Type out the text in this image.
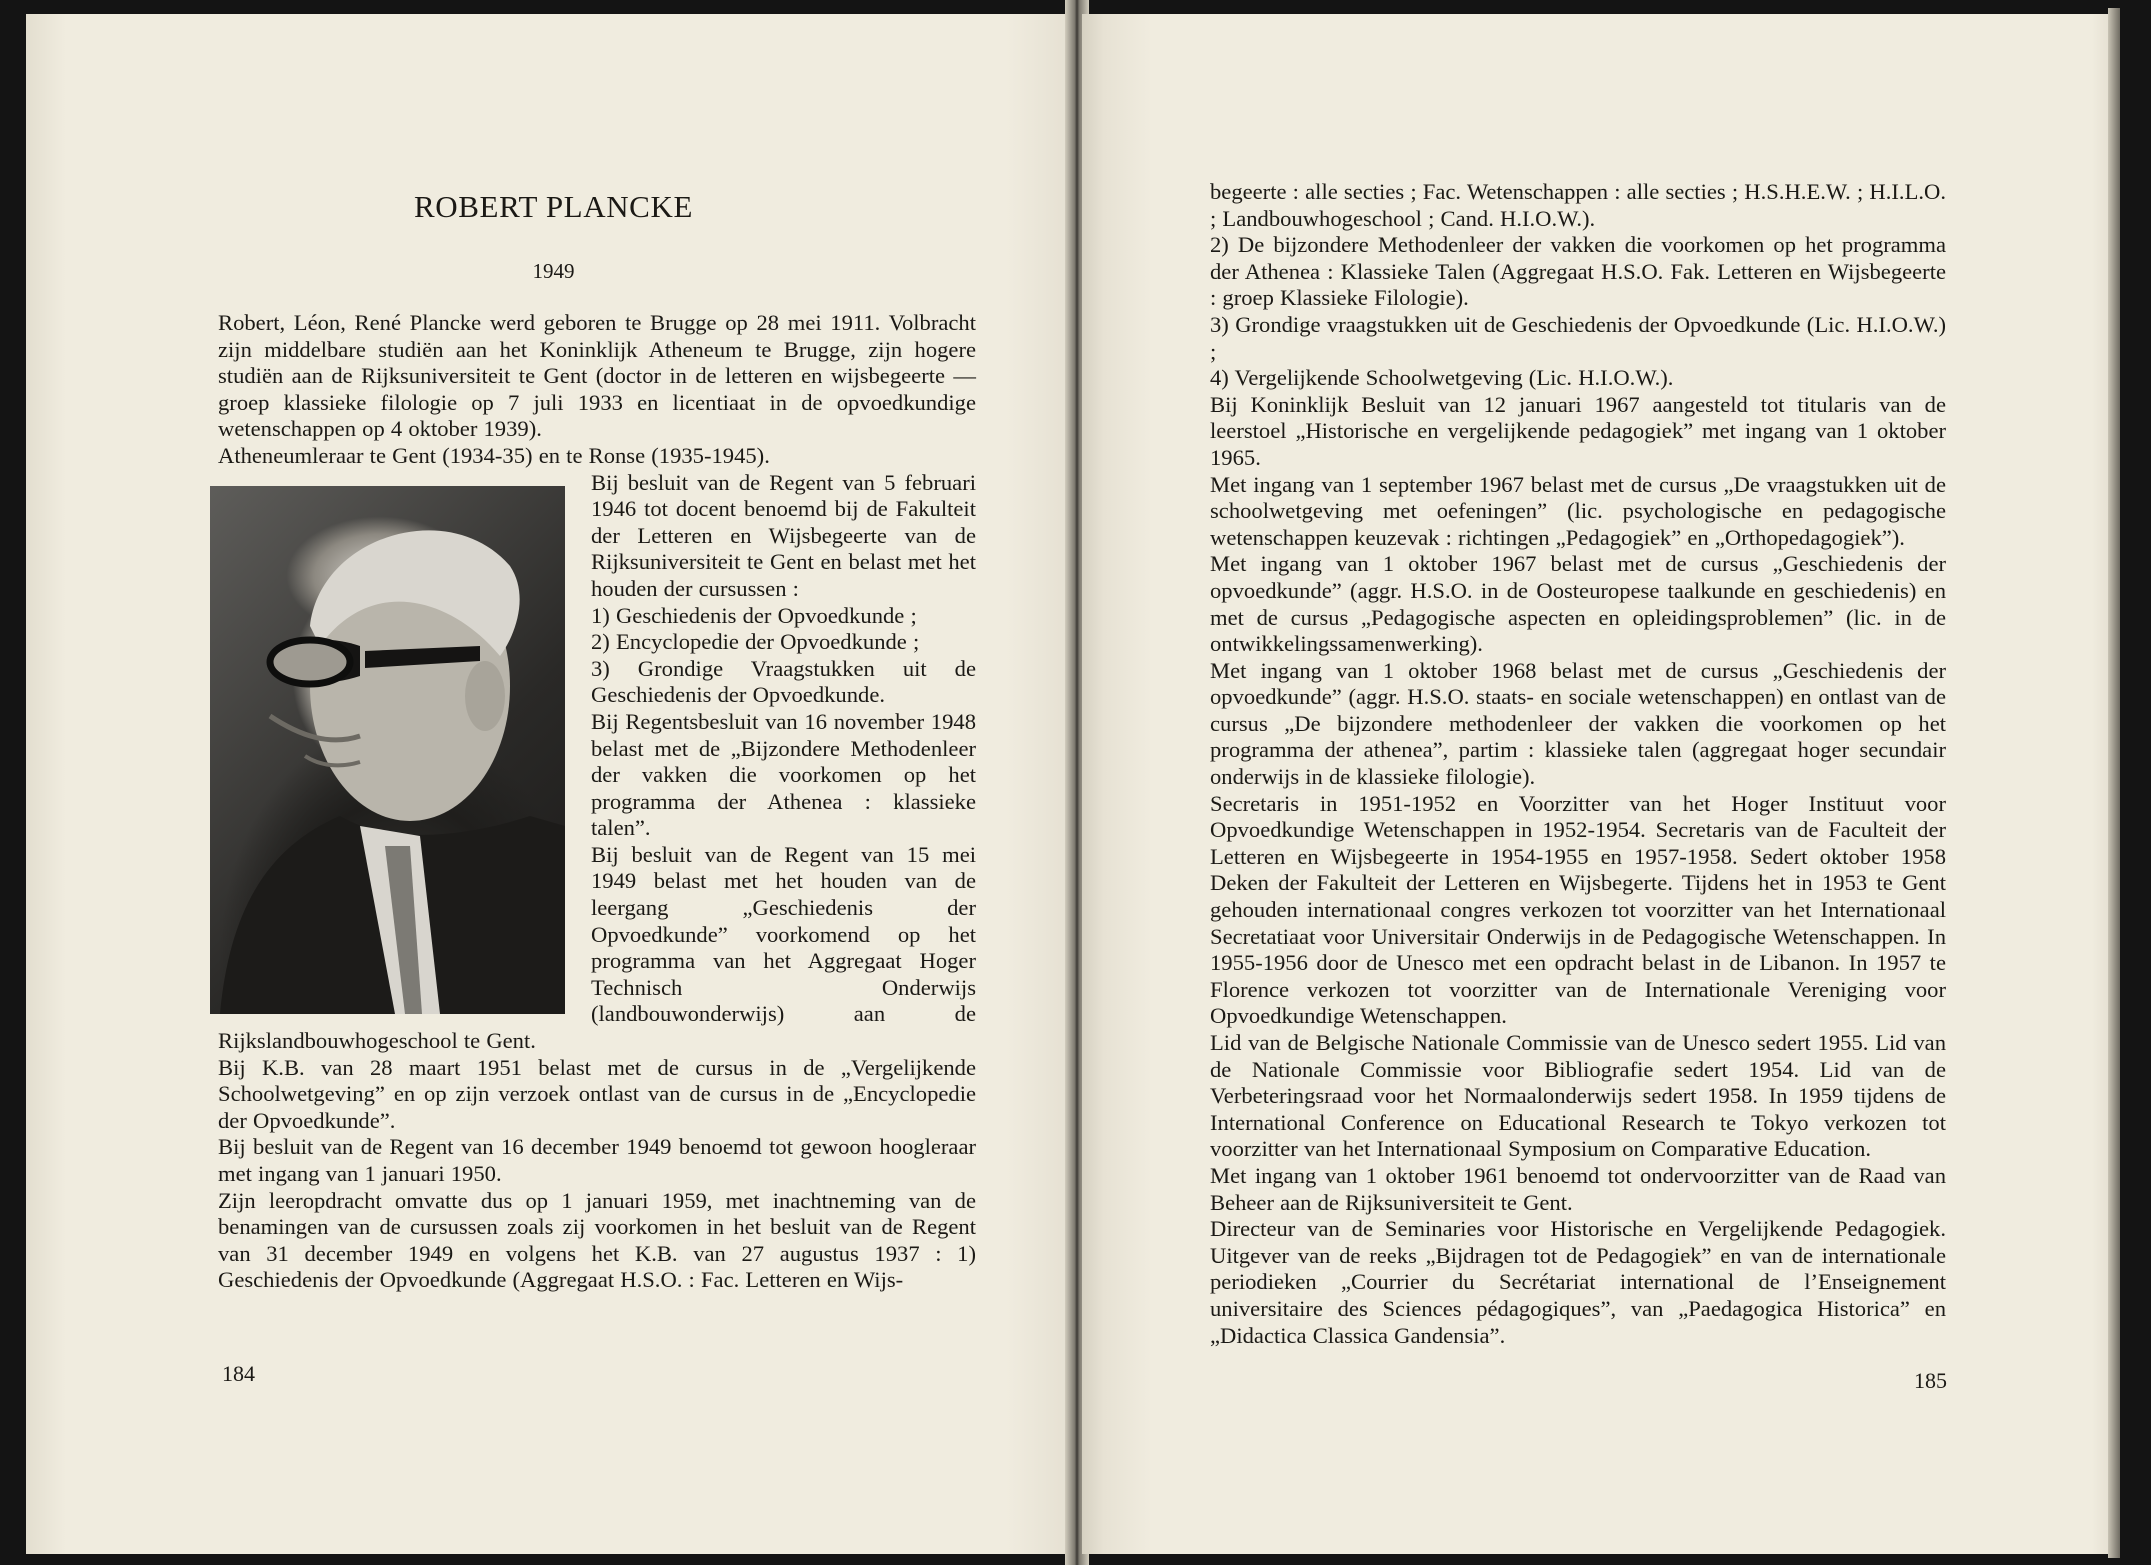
ROBERT PLANCKE
1949

Robert, Léon, René Plancke werd geboren te Brugge op 28 mei 1911. Volbracht zijn middelbare studiën aan het Koninklijk Atheneum te Brugge, zijn hogere studiën aan de Rijksuniversiteit te Gent (doctor in de letteren en wijsbegeerte — groep klassieke filologie op 7 juli 1933 en licentiaat in de opvoedkundige wetenschappen op 4 oktober 1939).

Atheneumleraar te Gent (1934-35) en te Ronse (1935-1945).

Bij besluit van de Regent van 5 februari 1946 tot docent benoemd bij de Fakulteit der Letteren en Wijsbegeerte van de Rijksuniversiteit te Gent en belast met het houden der cursussen :

1) Geschiedenis der Opvoedkunde ;

2) Encyclopedie der Opvoedkunde ;

3) Grondige Vraagstukken uit de Geschiedenis der Opvoedkunde.

Bij Regentsbesluit van 16 november 1948 belast met de „Bijzondere Methodenleer der vakken die voorkomen op het programma der Athenea : klassieke talen”.

Bij besluit van de Regent van 15 mei 1949 belast met het houden van de leergang „Geschiedenis der Opvoedkunde” voorkomend op het programma van het Aggregaat Hoger Technisch Onderwijs (landbouwonderwijs) aan de Rijkslandbouwhogeschool te Gent.

Bij K.B. van 28 maart 1951 belast met de cursus in de „Vergelijkende Schoolwetgeving” en op zijn verzoek ontlast van de cursus in de „Encyclopedie der Opvoedkunde”.

Bij besluit van de Regent van 16 december 1949 benoemd tot gewoon hoogleraar met ingang van 1 januari 1950.

Zijn leeropdracht omvatte dus op 1 januari 1959, met inachtneming van de benamingen van de cursussen zoals zij voorkomen in het besluit van de Regent van 31 december 1949 en volgens het K.B. van 27 augustus 1937 : 1) Geschiedenis der Opvoedkunde (Aggregaat H.S.O. : Fac. Letteren en Wijs-

184

begeerte : alle secties ; Fac. Wetenschappen : alle secties ; H.S.H.E.W. ; H.I.L.O. ; Landbouwhogeschool ; Cand. H.I.O.W.).

2) De bijzondere Methodenleer der vakken die voorkomen op het programma der Athenea : Klassieke Talen (Aggregaat H.S.O. Fak. Letteren en Wijsbegeerte : groep Klassieke Filologie).

3) Grondige vraagstukken uit de Geschiedenis der Opvoedkunde (Lic. H.I.O.W.) ;

4) Vergelijkende Schoolwetgeving (Lic. H.I.O.W.).

Bij Koninklijk Besluit van 12 januari 1967 aangesteld tot titularis van de leerstoel „Historische en vergelijkende pedagogiek” met ingang van 1 oktober 1965.

Met ingang van 1 september 1967 belast met de cursus „De vraagstukken uit de schoolwetgeving met oefeningen” (lic. psychologische en pedagogische wetenschappen keuzevak : richtingen „Pedagogiek” en „Orthopedagogiek”).

Met ingang van 1 oktober 1967 belast met de cursus „Geschiedenis der opvoedkunde” (aggr. H.S.O. in de Oosteuropese taalkunde en geschiedenis) en met de cursus „Pedagogische aspecten en opleidingsproblemen” (lic. in de ontwikkelingssamenwerking).

Met ingang van 1 oktober 1968 belast met de cursus „Geschiedenis der opvoedkunde” (aggr. H.S.O. staats- en sociale wetenschappen) en ontlast van de cursus „De bijzondere methodenleer der vakken die voorkomen op het programma der athenea”, partim : klassieke talen (aggregaat hoger secundair onderwijs in de klassieke filologie).

Secretaris in 1951-1952 en Voorzitter van het Hoger Instituut voor Opvoedkundige Wetenschappen in 1952-1954. Secretaris van de Faculteit der Letteren en Wijsbegeerte in 1954-1955 en 1957-1958. Sedert oktober 1958 Deken der Fakulteit der Letteren en Wijsbegerte. Tijdens het in 1953 te Gent gehouden internationaal congres verkozen tot voorzitter van het Internationaal Secretatiaat voor Universitair Onderwijs in de Pedagogische Wetenschappen. In 1955-1956 door de Unesco met een opdracht belast in de Libanon. In 1957 te Florence verkozen tot voorzitter van de Internationale Vereniging voor Opvoedkundige Wetenschappen.

Lid van de Belgische Nationale Commissie van de Unesco sedert 1955. Lid van de Nationale Commissie voor Bibliografie sedert 1954. Lid van de Verbeteringsraad voor het Normaalonderwijs sedert 1958. In 1959 tijdens de International Conference on Educational Research te Tokyo verkozen tot voorzitter van het Internationaal Symposium on Comparative Education.

Met ingang van 1 oktober 1961 benoemd tot ondervoorzitter van de Raad van Beheer aan de Rijksuniversiteit te Gent.

Directeur van de Seminaries voor Historische en Vergelijkende Pedagogiek. Uitgever van de reeks „Bijdragen tot de Pedagogiek” en van de internationale periodieken „Courrier du Secrétariat international de l’Enseignement universitaire des Sciences pédagogiques”, van „Paedagogica Historica” en „Didactica Classica Gandensia”.

185
